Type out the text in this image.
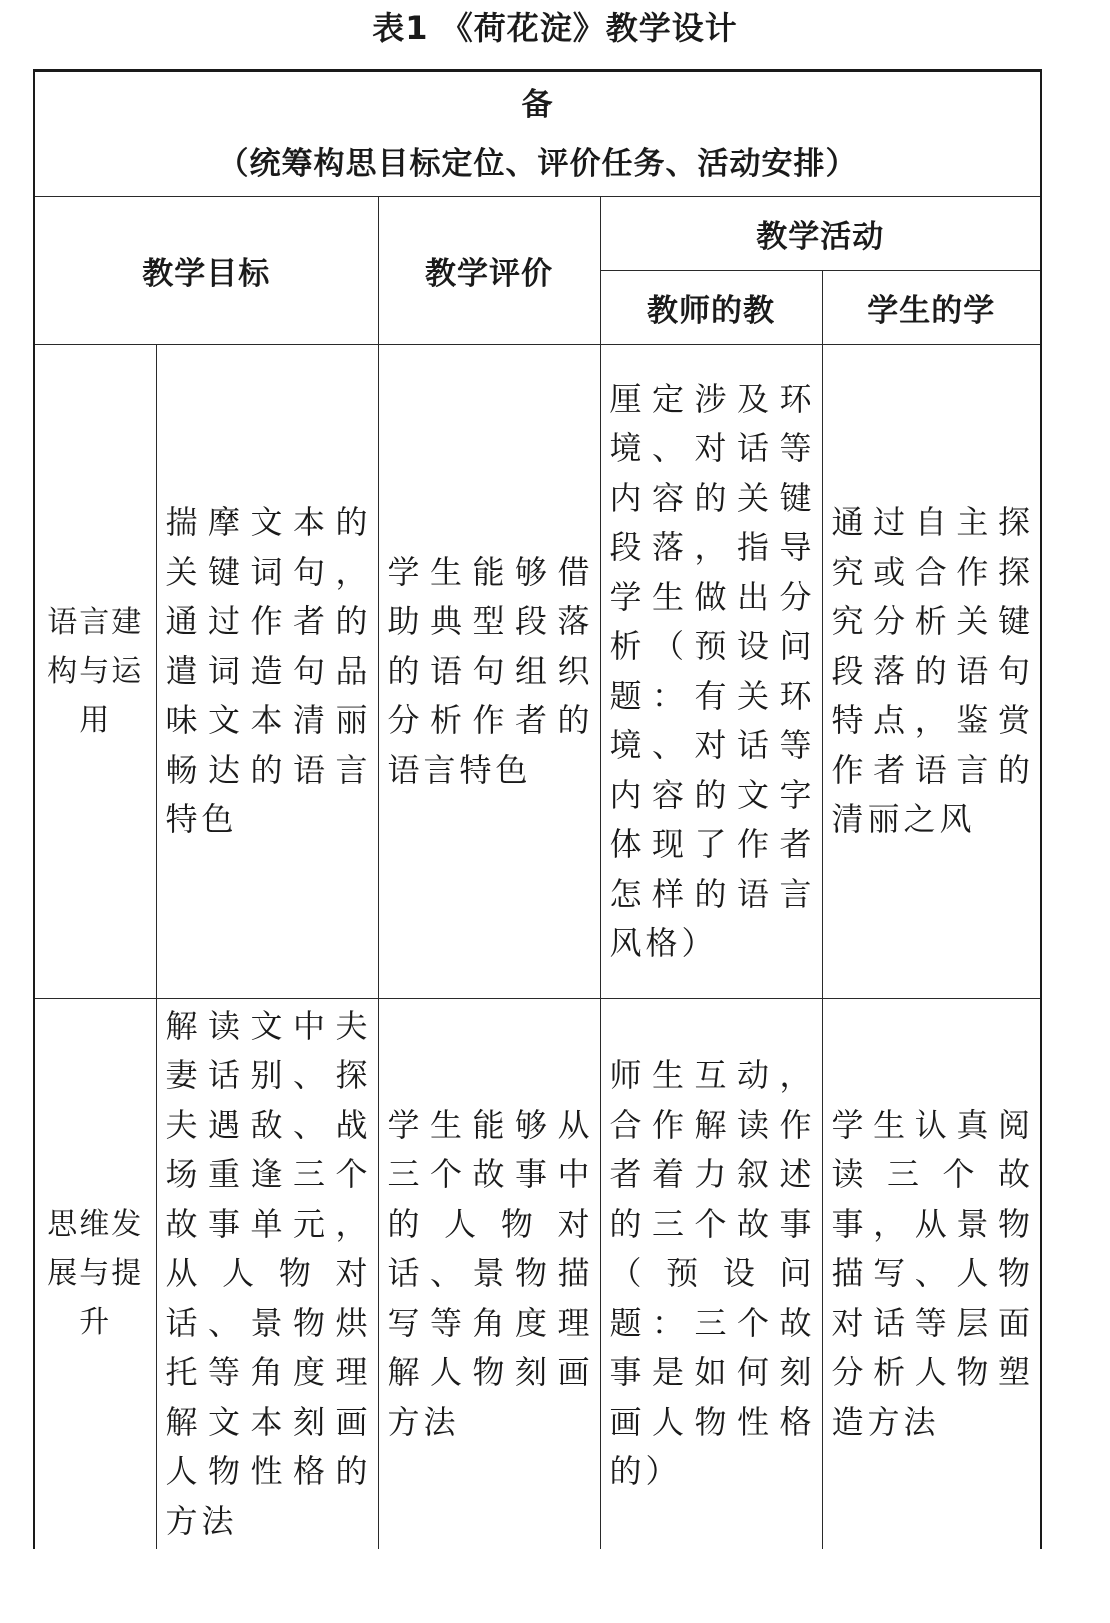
表1 《荷花淀》教学设计
备
（统筹构思目标定位、评价任务、活动安排）				

教学目标		教学评价	教学活动	
			教师的教	学生的学
语言建构与运用	揣摩文本的关键词句，通过作者的遣词造句品味文本清丽畅达的语言特色	学生能够借助典型段落的语句组织分析作者的语言特色	厘定涉及环境、对话等内容的关键段落，指导学生做出分析（预设问题：有关环境、对话等内容的文字体现了作者怎样的语言风格）	通过自主探究或合作探究分析关键段落的语句特点，鉴赏作者语言的清丽之风
思维发展与提升	解读文中夫妻话别、探夫遇敌、战场重逢三个故事单元，从人物对话、景物烘托等角度理解文本刻画人物性格的方法	学生能够从三个故事中的人物对话、景物描写等角度理解人物刻画方法	师生互动，合作解读作者着力叙述的三个故事（预设问题：三个故事是如何刻画人物性格的）	学生认真阅读三个故事，从景物描写、人物对话等层面分析人物塑造方法
